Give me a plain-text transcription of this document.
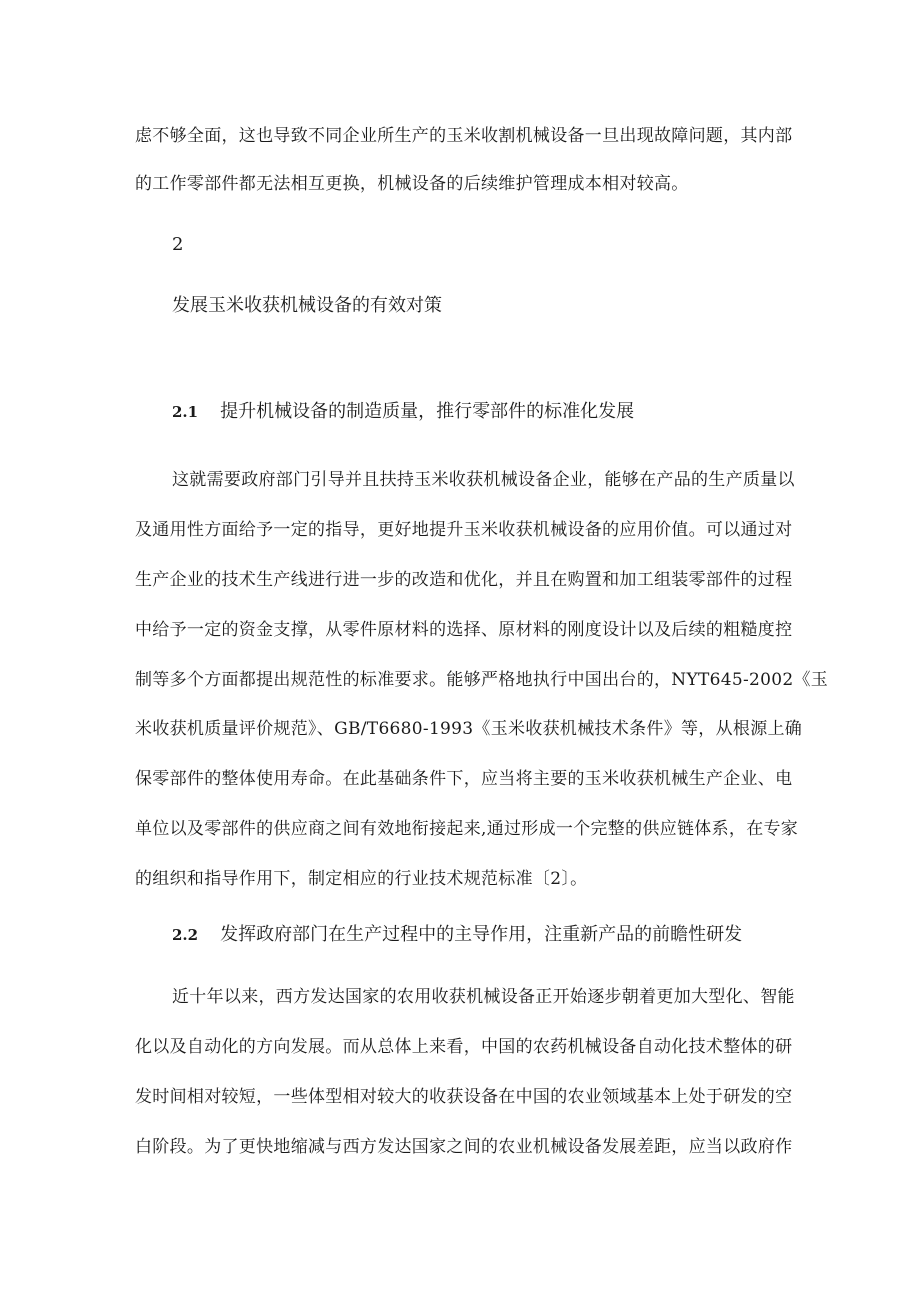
虑不够全面，这也导致不同企业所生产的玉米收割机械设备一旦出现故障问题，其内部
的工作零部件都无法相互更换，机械设备的后续维护管理成本相对较高。
2
发展玉米收获机械设备的有效对策
2.1 提升机械设备的制造质量，推行零部件的标准化发展
这就需要政府部门引导并且扶持玉米收获机械设备企业，能够在产品的生产质量以
及通用性方面给予一定的指导，更好地提升玉米收获机械设备的应用价值。可以通过对
生产企业的技术生产线进行进一步的改造和优化，并且在购置和加工组装零部件的过程
中给予一定的资金支撑，从零件原材料的选择、原材料的刚度设计以及后续的粗糙度控
制等多个方面都提出规范性的标准要求。能够严格地执行中国出台的，NYT645-2002《玉
米收获机质量评价规范》、GB/T6680-1993《玉米收获机械技术条件》等，从根源上确
保零部件的整体使用寿命。在此基础条件下，应当将主要的玉米收获机械生产企业、电
单位以及零部件的供应商之间有效地衔接起来,通过形成一个完整的供应链体系，在专家
的组织和指导作用下，制定相应的行业技术规范标准〔2〕。
2.2 发挥政府部门在生产过程中的主导作用，注重新产品的前瞻性研发
近十年以来，西方发达国家的农用收获机械设备正开始逐步朝着更加大型化、智能
化以及自动化的方向发展。而从总体上来看，中国的农药机械设备自动化技术整体的研
发时间相对较短，一些体型相对较大的收获设备在中国的农业领域基本上处于研发的空
白阶段。为了更快地缩减与西方发达国家之间的农业机械设备发展差距，应当以政府作
